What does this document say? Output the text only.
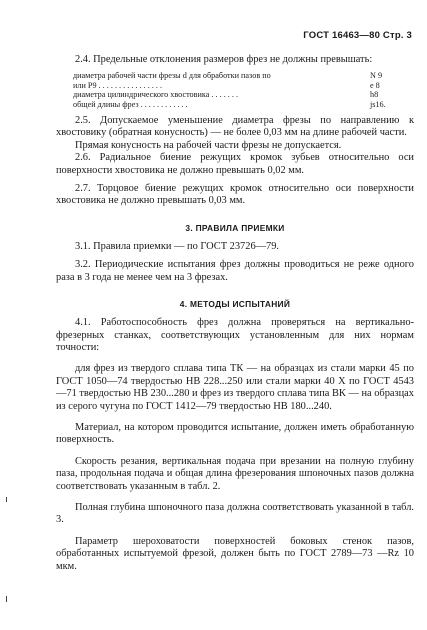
ГОСТ 16463—80 Стр. 3

2.4. Предельные отклонения размеров фрез не должны превышать:

диаметра рабочей части фрезы d для обработки пазов по	N 9
или P9 . . . . . . . . . . . . . . . .	е 8
диаметра цилиндрического хвостовика . . . . . . .	h8
общей длины фрез . . . . . . . . . . . .	js16.

2.5. Допускаемое уменьшение диаметра фрезы по направлению к хвостовику (обратная конусность) — не более 0,03 мм на длине рабочей части.

Прямая конусность на рабочей части фрезы не допускается.

2.6. Радиальное биение режущих кромок зубьев относительно оси поверхности хвостовика не должно превышать 0,02 мм.

2.7. Торцовое биение режущих кромок относительно оси поверхности хвостовика не должно превышать 0,03 мм.

3. ПРАВИЛА ПРИЕМКИ

3.1. Правила приемки — по ГОСТ 23726—79.

3.2. Периодические испытания фрез должны проводиться не реже одного раза в 3 года не менее чем на 3 фрезах.

4. МЕТОДЫ ИСПЫТАНИЙ

4.1. Работоспособность фрез должна проверяться на вертикально-фрезерных станках, соответствующих установленным для них нормам точности:

для фрез из твердого сплава типа ТК — на образцах из стали марки 45 по ГОСТ 1050—74 твердостью НВ 228...250 или стали марки 40 Х по ГОСТ 4543—71 твердостью НВ 230...280 и фрез из твердого сплава типа ВК — на образцах из серого чугуна по ГОСТ 1412—79 твердостью НВ 180...240.

Материал, на котором проводится испытание, должен иметь обработанную поверхность.

Скорость резания, вертикальная подача при врезании на полную глубину паза, продольная подача и общая длина фрезерования шпоночных пазов должна соответствовать указанным в табл. 2.

Полная глубина шпоночного паза должна соответствовать указанной в табл. 3.

Параметр шероховатости поверхностей боковых стенок пазов, обработанных испытуемой фрезой, должен быть по ГОСТ 2789—73 —Rz 10 мкм.
